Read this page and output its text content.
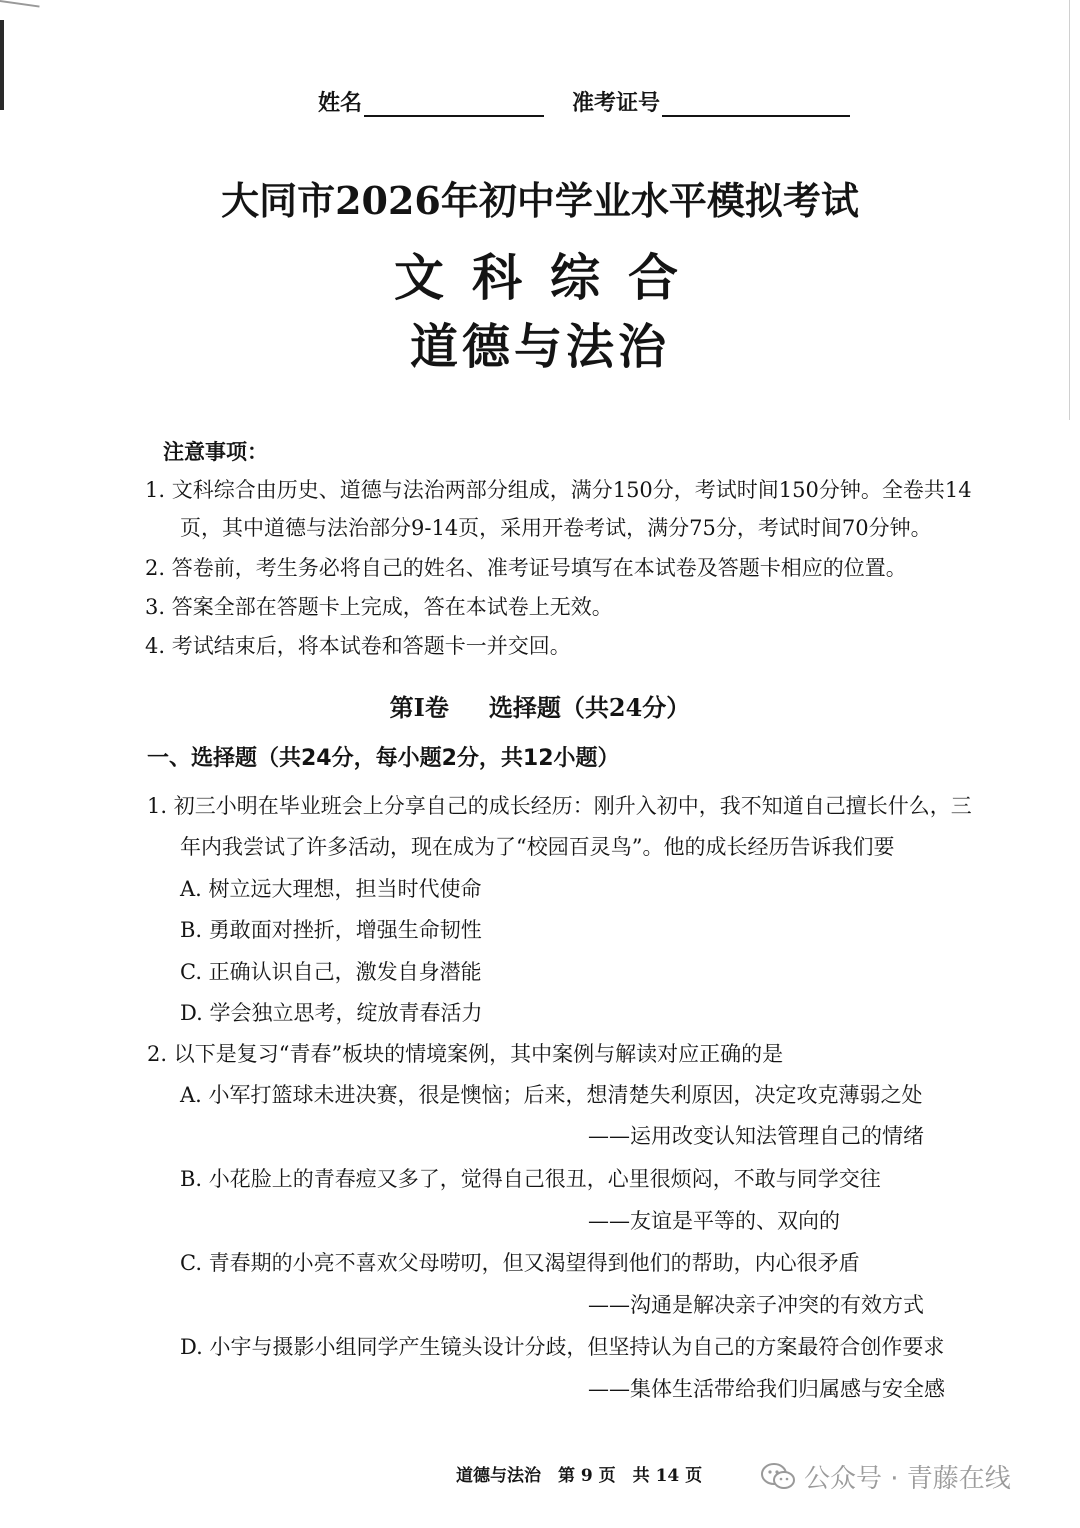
姓名	准考证号
大同市2026年初中学业水平模拟考试
文科综合
道德与法治
注意事项：
1. 文科综合由历史、道德与法治两部分组成，满分150分，考试时间150分钟。全卷共14
页，其中道德与法治部分9-14页，采用开卷考试，满分75分，考试时间70分钟。
2. 答卷前，考生务必将自己的姓名、准考证号填写在本试卷及答题卡相应的位置。
3. 答案全部在答题卡上完成，答在本试卷上无效。
4. 考试结束后，将本试卷和答题卡一并交回。
第Ⅰ卷 选择题（共24分）
一、选择题（共24分，每小题2分，共12小题）
1. 初三小明在毕业班会上分享自己的成长经历：刚升入初中，我不知道自己擅长什么，三
年内我尝试了许多活动，现在成为了“校园百灵鸟”。他的成长经历告诉我们要
A. 树立远大理想，担当时代使命
B. 勇敢面对挫折，增强生命韧性
C. 正确认识自己，激发自身潜能
D. 学会独立思考，绽放青春活力
2. 以下是复习“青春”板块的情境案例，其中案例与解读对应正确的是
A. 小军打篮球未进决赛，很是懊恼；后来，想清楚失利原因，决定攻克薄弱之处
——运用改变认知法管理自己的情绪
B. 小花脸上的青春痘又多了，觉得自己很丑，心里很烦闷，不敢与同学交往
——友谊是平等的、双向的
C. 青春期的小亮不喜欢父母唠叨，但又渴望得到他们的帮助，内心很矛盾
——沟通是解决亲子冲突的有效方式
D. 小宇与摄影小组同学产生镜头设计分歧，但坚持认为自己的方案最符合创作要求
——集体生活带给我们归属感与安全感
道德与法治　第 9 页　共 14 页	公众号 · 青藤在线
